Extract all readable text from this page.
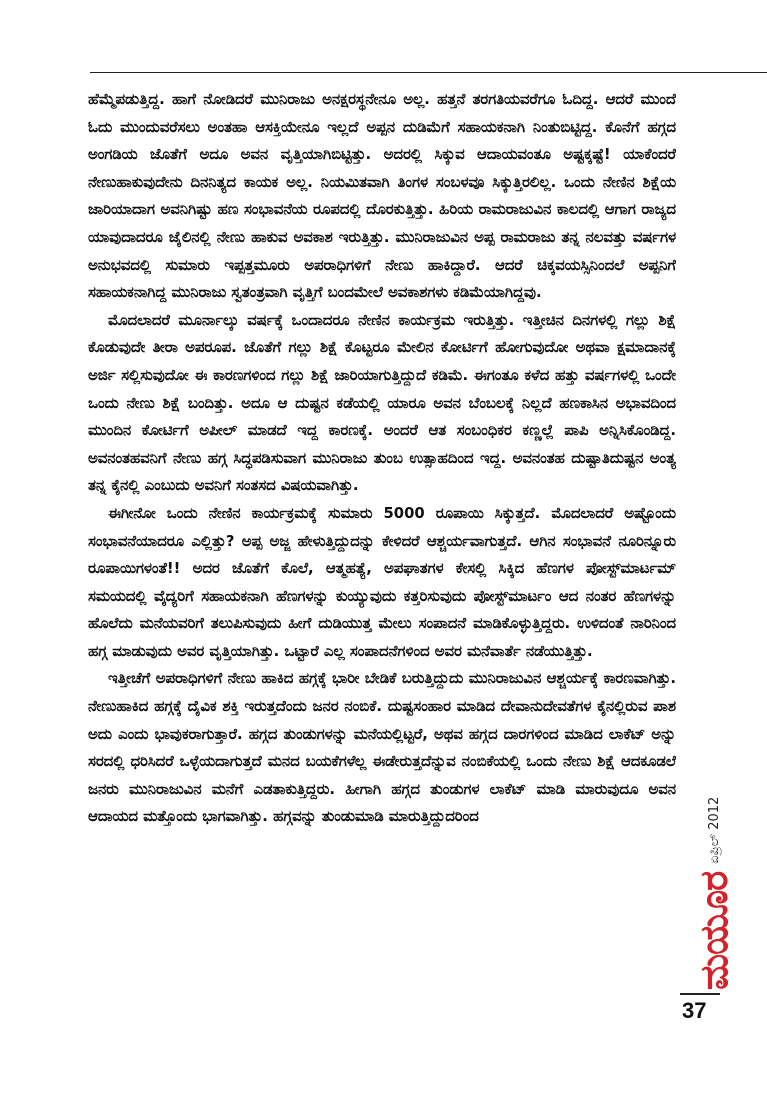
ಹೆಮ್ಮೆಪಡುತ್ತಿದ್ದ. ಹಾಗೆ ನೋಡಿದರೆ ಮುನಿರಾಜು ಅನಕ್ಷರಸ್ಥನೇನೂ ಅಲ್ಲ. ಹತ್ತನೆ ತರಗತಿಯವರೆಗೂ ಓದಿದ್ದ. ಆದರೆ ಮುಂದೆ ಓದು ಮುಂದುವರೆಸಲು ಅಂತಹಾ ಆಸಕ್ತಿಯೇನೂ ಇಲ್ಲದೆ ಅಪ್ಪನ ದುಡಿಮೆಗೆ ಸಹಾಯಕನಾಗಿ ನಿಂತುಬಿಟ್ಟಿದ್ದ. ಕೊನೆಗೆ ಹಗ್ಗದ ಅಂಗಡಿಯ ಜೊತೆಗೆ ಅದೂ ಅವನ ವೃತ್ತಿಯಾಗಿಬಿಟ್ಟಿತ್ತು. ಅದರಲ್ಲಿ ಸಿಕ್ಕುವ ಆದಾಯವಂತೂ ಅಷ್ಟಕ್ಕಷ್ಟೆ! ಯಾಕೆಂದರೆ ನೇಣುಹಾಕುವುದೇನು ದಿನನಿತ್ಯದ ಕಾಯಕ ಅಲ್ಲ. ನಿಯಮಿತವಾಗಿ ತಿಂಗಳ ಸಂಬಳವೂ ಸಿಕ್ಕುತ್ತಿರಲಿಲ್ಲ. ಒಂದು ನೇಣಿನ ಶಿಕ್ಷೆಯ ಜಾರಿಯಾದಾಗ ಅವನಿಗಿಷ್ಟು ಹಣ ಸಂಭಾವನೆಯ ರೂಪದಲ್ಲಿ ದೊರಕುತ್ತಿತ್ತು. ಹಿರಿಯ ರಾಮರಾಜುವಿನ ಕಾಲದಲ್ಲಿ ಆಗಾಗ ರಾಜ್ಯದ ಯಾವುದಾದರೂ ಜೈಲಿನಲ್ಲಿ ನೇಣು ಹಾಕುವ ಅವಕಾಶ ಇರುತ್ತಿತ್ತು. ಮುನಿರಾಜುವಿನ ಅಪ್ಪ ರಾಮರಾಜು ತನ್ನ ನಲವತ್ತು ವರ್ಷಗಳ ಅನುಭವದಲ್ಲಿ ಸುಮಾರು ಇಪ್ಪತ್ತಮೂರು ಅಪರಾಧಿಗಳಿಗೆ ನೇಣು ಹಾಕಿದ್ದಾರೆ. ಆದರೆ ಚಿಕ್ಕವಯಸ್ಸಿನಿಂದಲೆ ಅಪ್ಪನಿಗೆ ಸಹಾಯಕನಾಗಿದ್ದ ಮುನಿರಾಜು ಸ್ವತಂತ್ರವಾಗಿ ವೃತ್ತಿಗೆ ಬಂದಮೇಲೆ ಅವಕಾಶಗಳು ಕಡಿಮೆಯಾಗಿದ್ದವು.

ಮೊದಲಾದರೆ ಮೂರ್ನಾಲ್ಕು ವರ್ಷಕ್ಕೆ ಒಂದಾದರೂ ನೇಣಿನ ಕಾರ್ಯಕ್ರಮ ಇರುತ್ತಿತ್ತು. ಇತ್ತೀಚಿನ ದಿನಗಳಲ್ಲಿ ಗಲ್ಲು ಶಿಕ್ಷೆ ಕೊಡುವುದೇ ತೀರಾ ಅಪರೂಪ. ಜೊತೆಗೆ ಗಲ್ಲು ಶಿಕ್ಷೆ ಕೊಟ್ಟರೂ ಮೇಲಿನ ಕೋರ್ಟಿಗೆ ಹೋಗುವುದೋ ಅಥವಾ ಕ್ಷಮಾದಾನಕ್ಕೆ ಅರ್ಜಿ ಸಲ್ಲಿಸುವುದೋ ಈ ಕಾರಣಗಳಿಂದ ಗಲ್ಲು ಶಿಕ್ಷೆ ಜಾರಿಯಾಗುತ್ತಿದ್ದುದೆ ಕಡಿಮೆ. ಈಗಂತೂ ಕಳೆದ ಹತ್ತು ವರ್ಷಗಳಲ್ಲಿ ಒಂದೇ ಒಂದು ನೇಣು ಶಿಕ್ಷೆ ಬಂದಿತ್ತು. ಅದೂ ಆ ದುಷ್ಟನ ಕಡೆಯಲ್ಲಿ ಯಾರೂ ಅವನ ಬೆಂಬಲಕ್ಕೆ ನಿಲ್ಲದೆ ಹಣಕಾಸಿನ ಅಭಾವದಿಂದ ಮುಂದಿನ ಕೋರ್ಟಿಗೆ ಅಪೀಲ್ ಮಾಡದೆ ಇದ್ದ ಕಾರಣಕ್ಕೆ. ಅಂದರೆ ಆತ ಸಂಬಂಧಿಕರ ಕಣ್ಣಲ್ಲೆ ಪಾಪಿ ಅನ್ನಿಸಿಕೊಂಡಿದ್ದ. ಅವನಂತಹವನಿಗೆ ನೇಣು ಹಗ್ಗ ಸಿದ್ಧಪಡಿಸುವಾಗ ಮುನಿರಾಜು ತುಂಬ ಉತ್ಸಾಹದಿಂದ ಇದ್ದ. ಅವನಂತಹ ದುಷ್ಟಾತಿದುಷ್ಟನ ಅಂತ್ಯ ತನ್ನ ಕೈನಲ್ಲಿ ಎಂಬುದು ಅವನಿಗೆ ಸಂತಸದ ವಿಷಯವಾಗಿತ್ತು.

ಈಗೀನೋ ಒಂದು ನೇಣಿನ ಕಾರ್ಯಕ್ರಮಕ್ಕೆ ಸುಮಾರು 5000 ರೂಪಾಯಿ ಸಿಕ್ಕುತ್ತದೆ. ಮೊದಲಾದರೆ ಅಷ್ಟೊಂದು ಸಂಭಾವನೆಯಾದರೂ ಎಲ್ಲಿತ್ತು? ಅಪ್ಪ ಅಜ್ಜ ಹೇಳುತ್ತಿದ್ದುದನ್ನು ಕೇಳಿದರೆ ಆಶ್ಚರ್ಯವಾಗುತ್ತದೆ. ಆಗಿನ ಸಂಭಾವನೆ ನೂರಿನ್ನೂರು ರೂಪಾಯಿಗಳಂತೆ!! ಅದರ ಜೊತೆಗೆ ಕೊಲೆ, ಆತ್ಮಹತ್ಯೆ, ಅಪಘಾತಗಳ ಕೇಸಲ್ಲಿ ಸಿಕ್ಕಿದ ಹೆಣಗಳ ಪೋಸ್ಟ್‌ಮಾರ್ಟಮ್ ಸಮಯದಲ್ಲಿ ವೈದ್ಯರಿಗೆ ಸಹಾಯಕನಾಗಿ ಹೆಣಗಳನ್ನು ಕುಯ್ಯುವುದು ಕತ್ತರಿಸುವುದು ಪೋಸ್ಟ್‌ಮಾರ್ಟಂ ಆದ ನಂತರ ಹೆಣಗಳನ್ನು ಹೊಲೆದು ಮನೆಯವರಿಗೆ ತಲುಪಿಸುವುದು ಹೀಗೆ ದುಡಿಯುತ್ತ ಮೇಲು ಸಂಪಾದನೆ ಮಾಡಿಕೊಳ್ಳುತ್ತಿದ್ದರು. ಉಳಿದಂತೆ ನಾರಿನಿಂದ ಹಗ್ಗ ಮಾಡುವುದು ಅವರ ವೃತ್ತಿಯಾಗಿತ್ತು. ಒಟ್ಟಾರೆ ಎಲ್ಲ ಸಂಪಾದನೆಗಳಿಂದ ಅವರ ಮನೆವಾರ್ತೆ ನಡೆಯುತ್ತಿತ್ತು.

ಇತ್ತೀಚೆಗೆ ಅಪರಾಧಿಗಳಿಗೆ ನೇಣು ಹಾಕಿದ ಹಗ್ಗಕ್ಕೆ ಭಾರೀ ಬೇಡಿಕೆ ಬರುತ್ತಿದ್ದುದು ಮುನಿರಾಜುವಿನ ಆಶ್ಚರ್ಯಕ್ಕೆ ಕಾರಣವಾಗಿತ್ತು. ನೇಣುಹಾಕಿದ ಹಗ್ಗಕ್ಕೆ ದೈವಿಕ ಶಕ್ತಿ ಇರುತ್ತದೆಂದು ಜನರ ನಂಬಿಕೆ. ದುಷ್ಟಸಂಹಾರ ಮಾಡಿದ ದೇವಾನುದೇವತೆಗಳ ಕೈನಲ್ಲಿರುವ ಪಾಶ ಅದು ಎಂದು ಭಾವುಕರಾಗುತ್ತಾರೆ. ಹಗ್ಗದ ತುಂಡುಗಳನ್ನು ಮನೆಯಲ್ಲಿಟ್ಟರೆ, ಅಥವ ಹಗ್ಗದ ದಾರಗಳಿಂದ ಮಾಡಿದ ಲಾಕೆಟ್ ಅನ್ನು ಸರದಲ್ಲಿ ಧರಿಸಿದರೆ ಒಳ್ಳೆಯದಾಗುತ್ತದೆ ಮನದ ಬಯಕೆಗಳೆಲ್ಲ ಈಡೇರುತ್ತದೆನ್ನುವ ನಂಬಿಕೆಯಲ್ಲಿ ಒಂದು ನೇಣು ಶಿಕ್ಷೆ ಆದಕೂಡಲೆ ಜನರು ಮುನಿರಾಜುವಿನ ಮನೆಗೆ ಎಡತಾಕುತ್ತಿದ್ದರು. ಹೀಗಾಗಿ ಹಗ್ಗದ ತುಂಡುಗಳ ಲಾಕೆಟ್ ಮಾಡಿ ಮಾರುವುದೂ ಅವನ ಆದಾಯದ ಮತ್ತೊಂದು ಭಾಗವಾಗಿತ್ತು. ಹಗ್ಗವನ್ನು ತುಂಡುಮಾಡಿ ಮಾರುತ್ತಿದ್ದುದರಿಂದ

ಮಯೂರ
ಏಪ್ರಿಲ್ 2012
37
